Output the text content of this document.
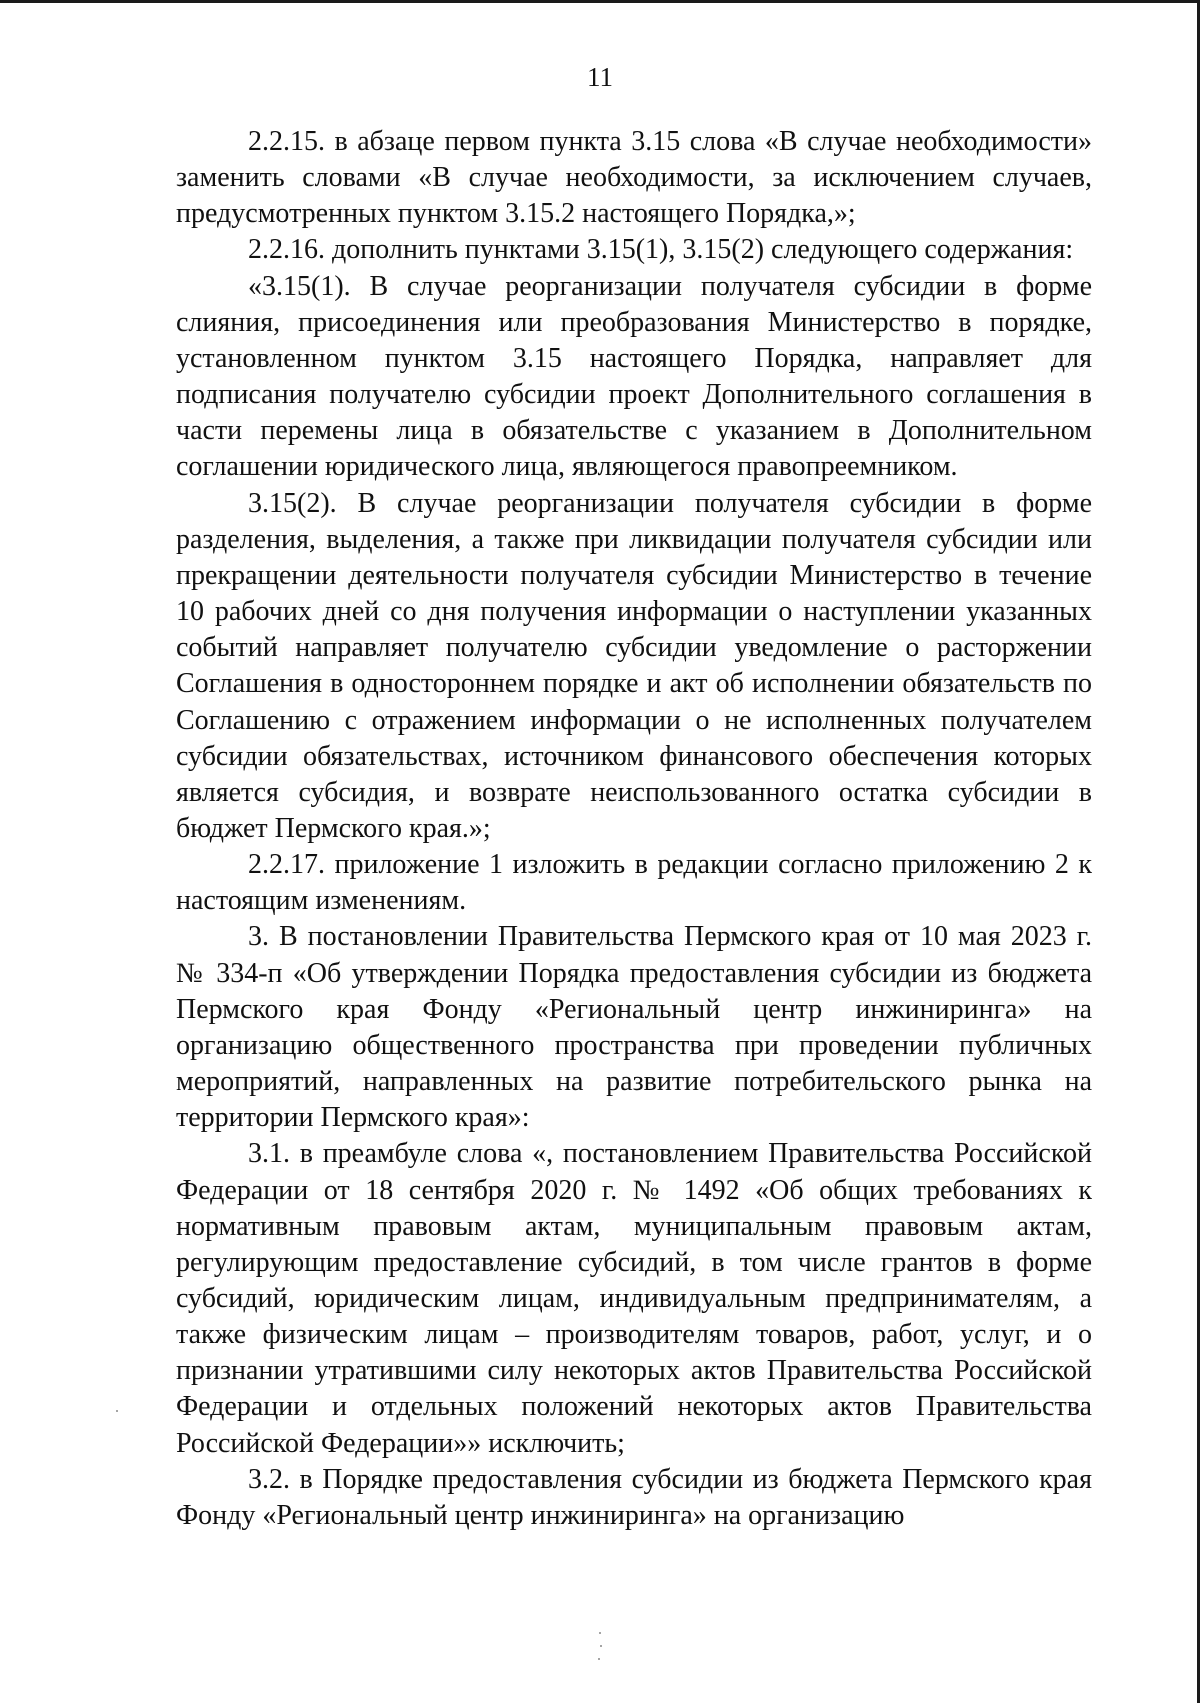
11

2.2.15. в абзаце первом пункта 3.15 слова «В случае необходимости» заменить словами «В случае необходимости, за исключением случаев, предусмотренных пунктом 3.15.2 настоящего Порядка,»;

2.2.16. дополнить пунктами 3.15(1), 3.15(2) следующего содержания:

«3.15(1). В случае реорганизации получателя субсидии в форме слияния, присоединения или преобразования Министерство в порядке, установленном пунктом 3.15 настоящего Порядка, направляет для подписания получателю субсидии проект Дополнительного соглашения в части перемены лица в обязательстве с указанием в Дополнительном соглашении юридического лица, являющегося правопреемником.

3.15(2). В случае реорганизации получателя субсидии в форме разделения, выделения, а также при ликвидации получателя субсидии или прекращении деятельности получателя субсидии Министерство в течение 10 рабочих дней со дня получения информации о наступлении указанных событий направляет получателю субсидии уведомление о расторжении Соглашения в одностороннем порядке и акт об исполнении обязательств по Соглашению с отражением информации о не исполненных получателем субсидии обязательствах, источником финансового обеспечения которых является субсидия, и возврате неиспользованного остатка субсидии в бюджет Пермского края.»;

2.2.17. приложение 1 изложить в редакции согласно приложению 2 к настоящим изменениям.

3. В постановлении Правительства Пермского края от 10 мая 2023 г. № 334-п «Об утверждении Порядка предоставления субсидии из бюджета Пермского края Фонду «Региональный центр инжиниринга» на организацию общественного пространства при проведении публичных мероприятий, направленных на развитие потребительского рынка на территории Пермского края»:

3.1. в преамбуле слова «, постановлением Правительства Российской Федерации от 18 сентября 2020 г. № 1492 «Об общих требованиях к нормативным правовым актам, муниципальным правовым актам, регулирующим предоставление субсидий, в том числе грантов в форме субсидий, юридическим лицам, индивидуальным предпринимателям, а также физическим лицам – производителям товаров, работ, услуг, и о признании утратившими силу некоторых актов Правительства Российской Федерации и отдельных положений некоторых актов Правительства Российской Федерации»» исключить;

3.2. в Порядке предоставления субсидии из бюджета Пермского края Фонду «Региональный центр инжиниринга» на организацию
